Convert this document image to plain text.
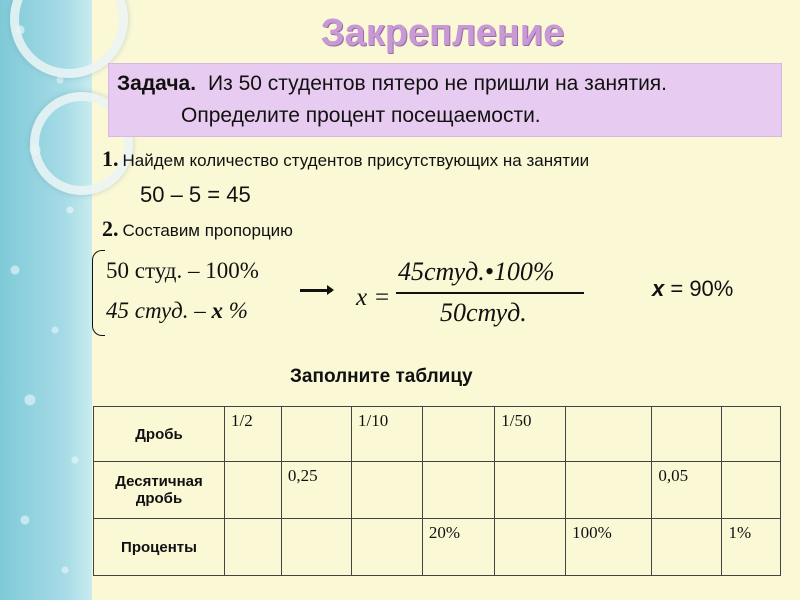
Закрепление
Задача. Из 50 студентов пятеро не пришли на занятия.
Определите процент посещаемости.
1. Найдем количество студентов присутствующих на занятии
50 – 5 = 45
2. Составим пропорцию
50 студ. – 100%
45 студ. – x %	x =
45студ.•100%
50студ.
x = 90%
Заполните таблицу
Дробь	1/2		1/10		1/50			
Десятичная дробь		0,25					0,05	
Проценты				20%		100%		1%
